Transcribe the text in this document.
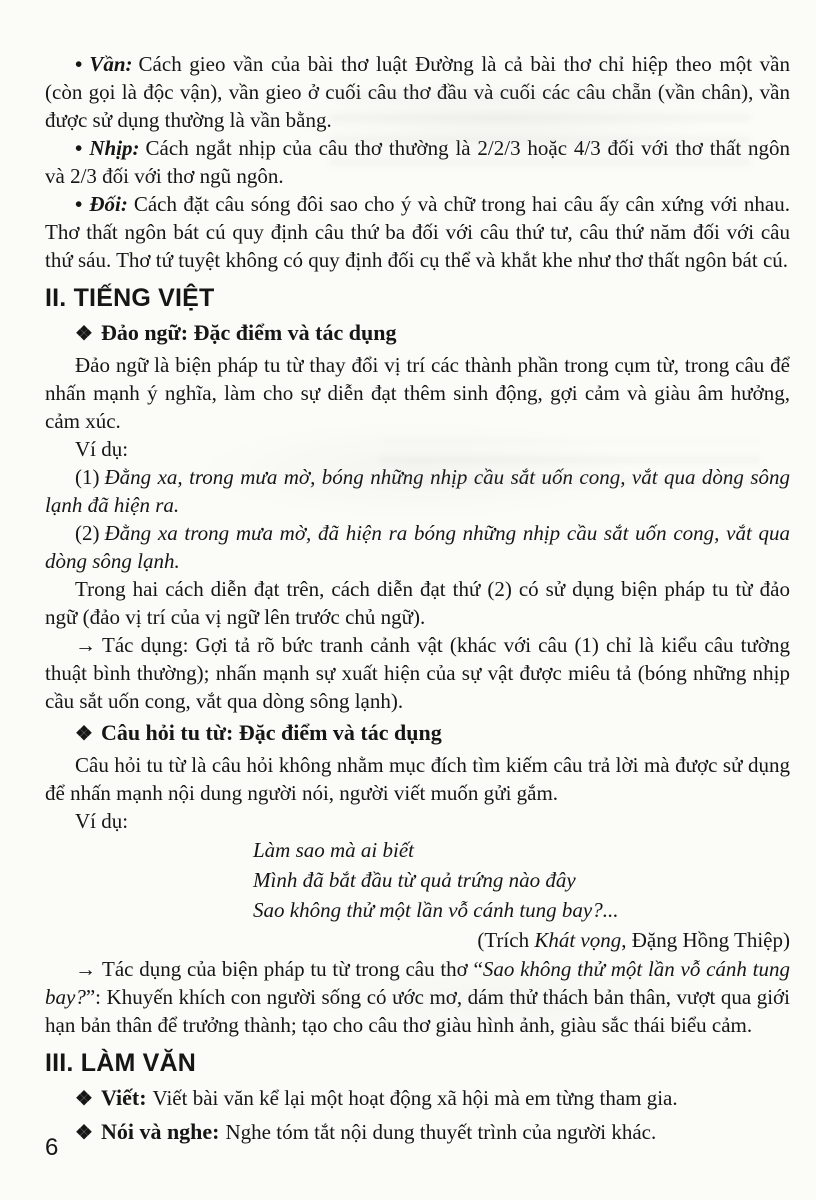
• Vần: Cách gieo vần của bài thơ luật Đường là cả bài thơ chỉ hiệp theo một vần (còn gọi là độc vận), vần gieo ở cuối câu thơ đầu và cuối các câu chẵn (vần chân), vần được sử dụng thường là vần bằng.

• Nhịp: Cách ngắt nhịp của câu thơ thường là 2/2/3 hoặc 4/3 đối với thơ thất ngôn và 2/3 đối với thơ ngũ ngôn.

• Đối: Cách đặt câu sóng đôi sao cho ý và chữ trong hai câu ấy cân xứng với nhau. Thơ thất ngôn bát cú quy định câu thứ ba đối với câu thứ tư, câu thứ năm đối với câu thứ sáu. Thơ tứ tuyệt không có quy định đối cụ thể và khắt khe như thơ thất ngôn bát cú.

II. TIẾNG VIỆT

❖ Đảo ngữ: Đặc điểm và tác dụng

Đảo ngữ là biện pháp tu từ thay đổi vị trí các thành phần trong cụm từ, trong câu để nhấn mạnh ý nghĩa, làm cho sự diễn đạt thêm sinh động, gợi cảm và giàu âm hưởng, cảm xúc.

Ví dụ:

(1) Đằng xa, trong mưa mờ, bóng những nhịp cầu sắt uốn cong, vắt qua dòng sông lạnh đã hiện ra.

(2) Đằng xa trong mưa mờ, đã hiện ra bóng những nhịp cầu sắt uốn cong, vắt qua dòng sông lạnh.

Trong hai cách diễn đạt trên, cách diễn đạt thứ (2) có sử dụng biện pháp tu từ đảo ngữ (đảo vị trí của vị ngữ lên trước chủ ngữ).

→ Tác dụng: Gợi tả rõ bức tranh cảnh vật (khác với câu (1) chỉ là kiểu câu tường thuật bình thường); nhấn mạnh sự xuất hiện của sự vật được miêu tả (bóng những nhịp cầu sắt uốn cong, vắt qua dòng sông lạnh).

❖ Câu hỏi tu từ: Đặc điểm và tác dụng

Câu hỏi tu từ là câu hỏi không nhằm mục đích tìm kiếm câu trả lời mà được sử dụng để nhấn mạnh nội dung người nói, người viết muốn gửi gắm.

Ví dụ:

Làm sao mà ai biết

Mình đã bắt đầu từ quả trứng nào đây

Sao không thử một lần vỗ cánh tung bay?...

(Trích Khát vọng, Đặng Hồng Thiệp)

→ Tác dụng của biện pháp tu từ trong câu thơ “Sao không thử một lần vỗ cánh tung bay?”: Khuyến khích con người sống có ước mơ, dám thử thách bản thân, vượt qua giới hạn bản thân để trưởng thành; tạo cho câu thơ giàu hình ảnh, giàu sắc thái biểu cảm.

III. LÀM VĂN

❖ Viết: Viết bài văn kể lại một hoạt động xã hội mà em từng tham gia.

❖ Nói và nghe: Nghe tóm tắt nội dung thuyết trình của người khác.

6
